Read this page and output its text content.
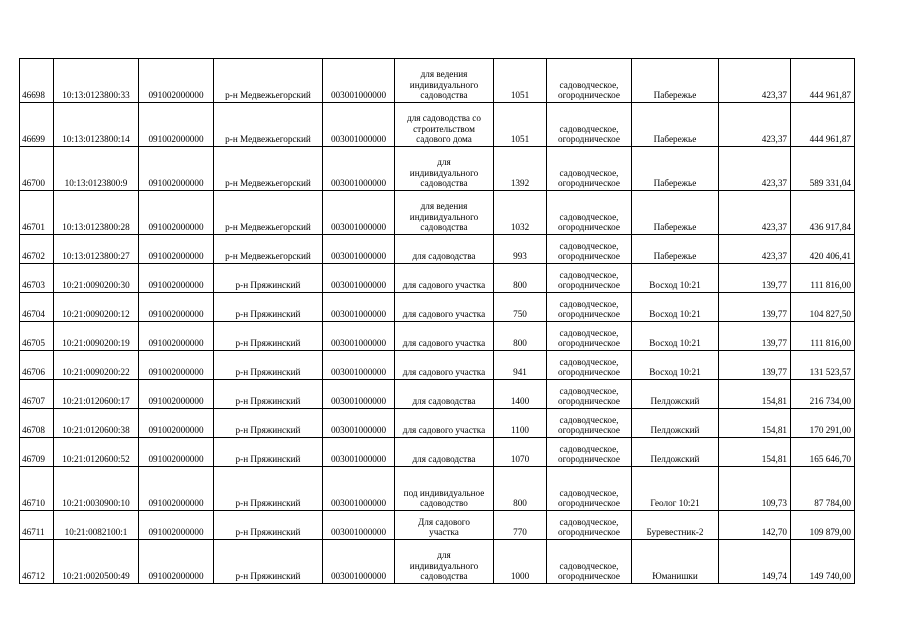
46698	10:13:0123800:33	091002000000	р-н Медвежьегорский	003001000000	для ведения
индивидуального
садоводства	1051	садоводческое,
огородническое	Паберeжье	423,37	444 961,87
46699	10:13:0123800:14	091002000000	р-н Медвежьегорский	003001000000	для садоводства со
строительством
садового дома	1051	садоводческое,
огородническое	Паберeжье	423,37	444 961,87
46700	10:13:0123800:9	091002000000	р-н Медвежьегорский	003001000000	для
индивидуального
садоводства	1392	садоводческое,
огородническое	Паберeжье	423,37	589 331,04
46701	10:13:0123800:28	091002000000	р-н Медвежьегорский	003001000000	для ведения
индивидуального
садоводства	1032	садоводческое,
огородническое	Паберeжье	423,37	436 917,84
46702	10:13:0123800:27	091002000000	р-н Медвежьегорский	003001000000	для садоводства	993	садоводческое,
огородническое	Паберeжье	423,37	420 406,41
46703	10:21:0090200:30	091002000000	р-н Пряжинский	003001000000	для садового участка	800	садоводческое,
огородническое	Восход 10:21	139,77	111 816,00
46704	10:21:0090200:12	091002000000	р-н Пряжинский	003001000000	для садового участка	750	садоводческое,
огородническое	Восход 10:21	139,77	104 827,50
46705	10:21:0090200:19	091002000000	р-н Пряжинский	003001000000	для садового участка	800	садоводческое,
огородническое	Восход 10:21	139,77	111 816,00
46706	10:21:0090200:22	091002000000	р-н Пряжинский	003001000000	для садового участка	941	садоводческое,
огородническое	Восход 10:21	139,77	131 523,57
46707	10:21:0120600:17	091002000000	р-н Пряжинский	003001000000	для садоводства	1400	садоводческое,
огородническое	Пелдожский	154,81	216 734,00
46708	10:21:0120600:38	091002000000	р-н Пряжинский	003001000000	для садового участка	1100	садоводческое,
огородническое	Пелдожский	154,81	170 291,00
46709	10:21:0120600:52	091002000000	р-н Пряжинский	003001000000	для садоводства	1070	садоводческое,
огородническое	Пелдожский	154,81	165 646,70
46710	10:21:0030900:10	091002000000	р-н Пряжинский	003001000000	под индивидуальное
садоводство	800	садоводческое,
огородническое	Геолог 10:21	109,73	87 784,00
46711	10:21:0082100:1	091002000000	р-н Пряжинский	003001000000	Для садового
участка	770	садоводческое,
огородническое	Буревестник-2	142,70	109 879,00
46712	10:21:0020500:49	091002000000	р-н Пряжинский	003001000000	для
индивидуального
садоводства	1000	садоводческое,
огородническое	Юманишки	149,74	149 740,00
